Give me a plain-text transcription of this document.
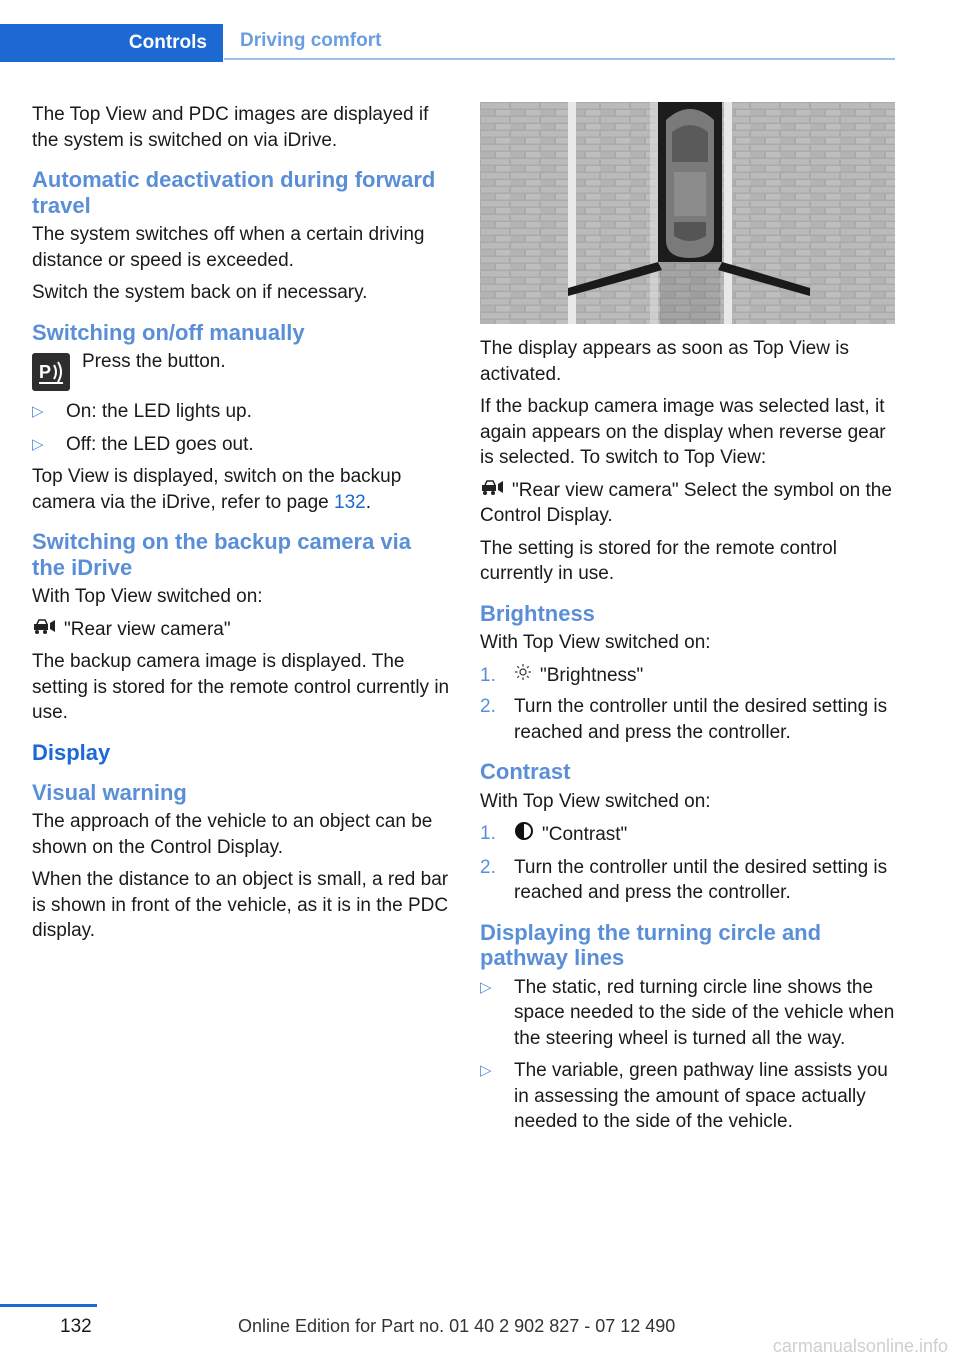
Controls	Driving comfort

The Top View and PDC images are displayed if the system is switched on via iDrive.

Automatic deactivation during forward travel

The system switches off when a certain driving distance or speed is exceeded.

Switch the system back on if necessary.

Switching on/off manually
P Press the button.
▷ On: the LED lights up.
▷ Off: the LED goes out.

Top View is displayed, switch on the backup camera via the iDrive, refer to page 132.

Switching on the backup camera via the iDrive

With Top View switched on:

"Rear view camera"

The backup camera image is displayed. The setting is stored for the remote control currently in use.

Display
Visual warning

The approach of the vehicle to an object can be shown on the Control Display.

When the distance to an object is small, a red bar is shown in front of the vehicle, as it is in the PDC display.

The display appears as soon as Top View is activated.

If the backup camera image was selected last, it again appears on the display when reverse gear is selected. To switch to Top View:

"Rear view camera" Select the symbol on the Control Display.

The setting is stored for the remote control currently in use.

Brightness

With Top View switched on:

1. "Brightness"
2. Turn the controller until the desired setting is reached and press the controller.
Contrast

With Top View switched on:

1. "Contrast"
2. Turn the controller until the desired setting is reached and press the controller.
Displaying the turning circle and pathway lines
▷ The static, red turning circle line shows the space needed to the side of the vehicle when the steering wheel is turned all the way.
▷ The variable, green pathway line assists you in assessing the amount of space actually needed to the side of the vehicle.
132	Online Edition for Part no. 01 40 2 902 827 - 07 12 490
carmanualsonline.info
